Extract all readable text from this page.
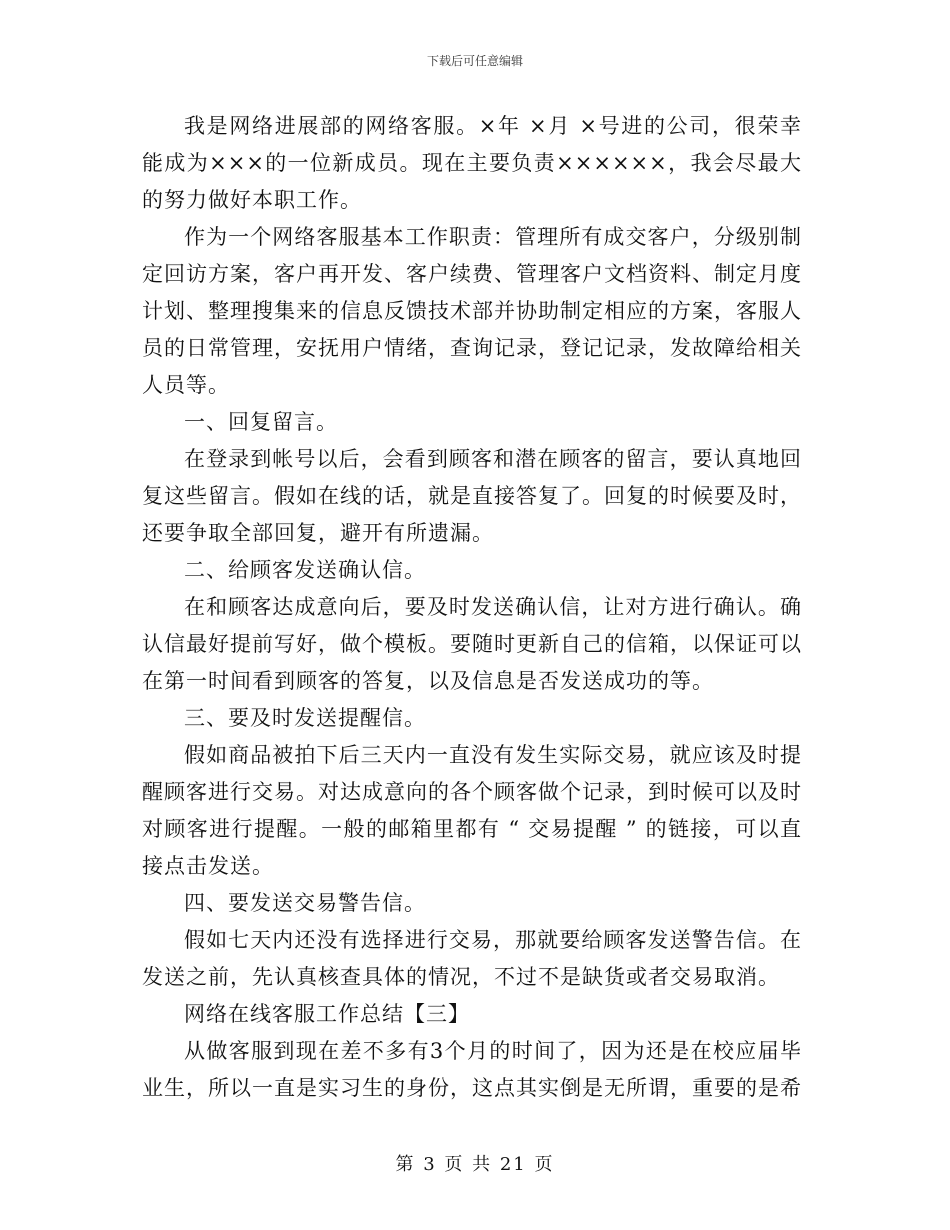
下载后可任意编辑

我是网络进展部的网络客服。×年 ×月 ×号进的公司，很荣幸能成为×××的一位新成员。现在主要负责××××××，我会尽最大的努力做好本职工作。

作为一个网络客服基本工作职责：管理所有成交客户，分级别制定回访方案，客户再开发、客户续费、管理客户文档资料、制定月度计划、整理搜集来的信息反馈技术部并协助制定相应的方案，客服人员的日常管理，安抚用户情绪，查询记录，登记记录，发故障给相关人员等。

一、回复留言。

在登录到帐号以后，会看到顾客和潜在顾客的留言，要认真地回复这些留言。假如在线的话，就是直接答复了。回复的时候要及时，还要争取全部回复，避开有所遗漏。

二、给顾客发送确认信。

在和顾客达成意向后，要及时发送确认信，让对方进行确认。确认信最好提前写好，做个模板。要随时更新自己的信箱，以保证可以在第一时间看到顾客的答复，以及信息是否发送成功的等。

三、要及时发送提醒信。

假如商品被拍下后三天内一直没有发生实际交易，就应该及时提醒顾客进行交易。对达成意向的各个顾客做个记录，到时候可以及时对顾客进行提醒。一般的邮箱里都有 “ 交易提醒 ” 的链接，可以直接点击发送。

四、要发送交易警告信。

假如七天内还没有选择进行交易，那就要给顾客发送警告信。在发送之前，先认真核查具体的情况，不过不是缺货或者交易取消。

网络在线客服工作总结【三】

从做客服到现在差不多有3个月的时间了，因为还是在校应届毕业生，所以一直是实习生的身份，这点其实倒是无所谓，重要的是希

第 3 页 共 21 页
